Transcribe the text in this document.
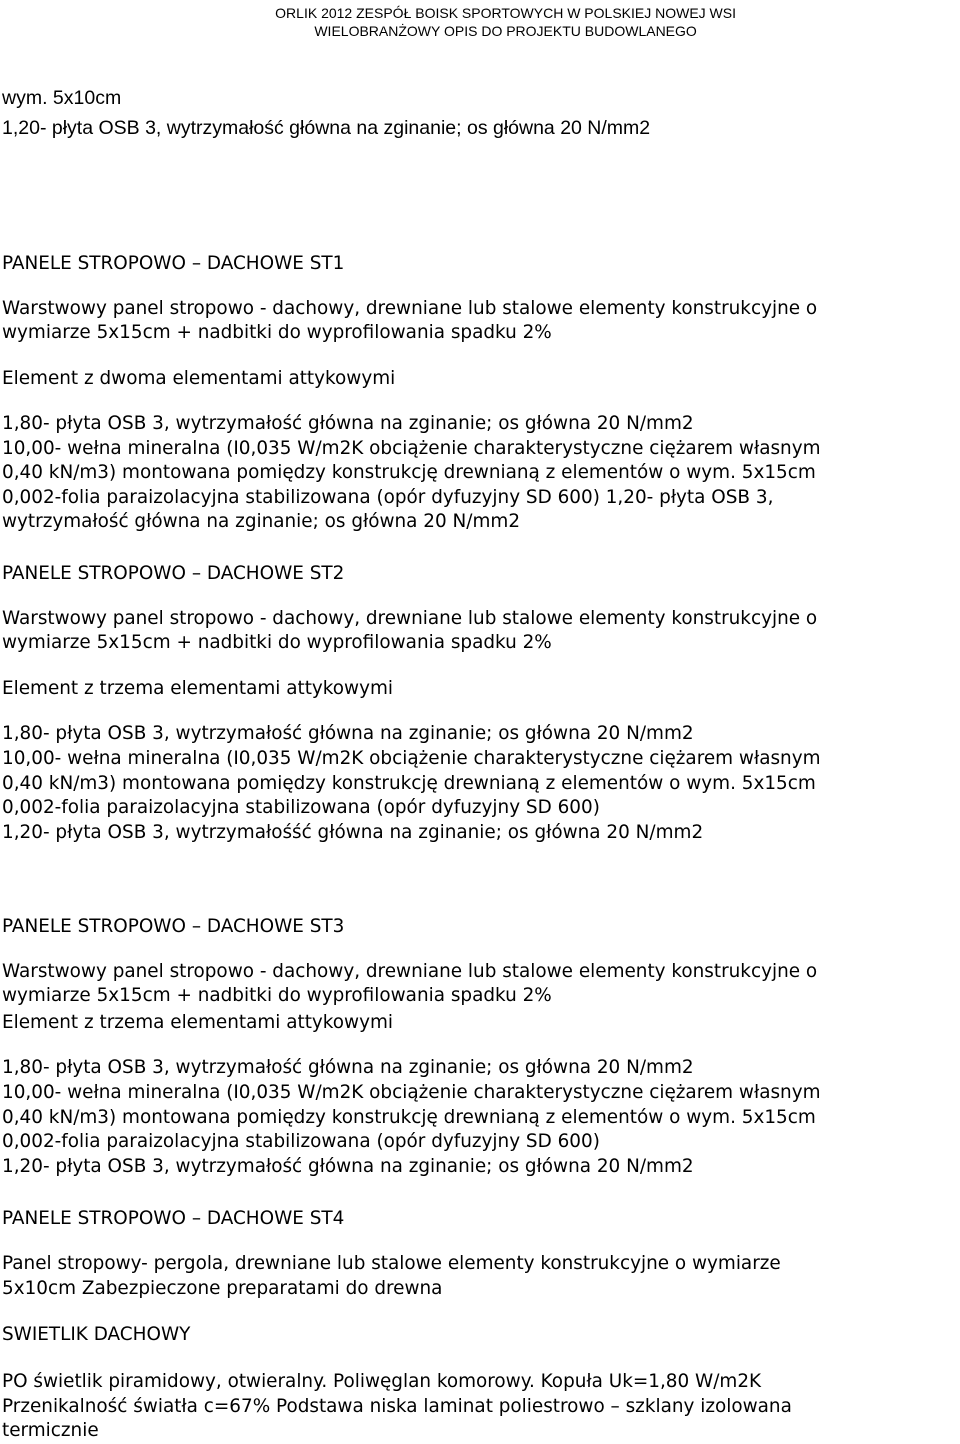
ORLIK 2012 ZESPÓŁ BOISK SPORTOWYCH W POLSKIEJ NOWEJ WSI
WIELOBRANŻOWY OPIS DO PROJEKTU BUDOWLANEGO
wym. 5x10cm
1,20- płyta OSB 3, wytrzymałość główna na zginanie; os główna 20 N/mm2
PANELE STROPOWO – DACHOWE ST1
Warstwowy panel stropowo - dachowy, drewniane lub stalowe elementy konstrukcyjne o
wymiarze 5x15cm + nadbitki do wyprofilowania spadku 2%
Element z dwoma elementami attykowymi
1,80- płyta OSB 3, wytrzymałość główna na zginanie; os główna 20 N/mm2
10,00- wełna mineralna (I0,035 W/m2K obciążenie charakterystyczne ciężarem własnym
0,40 kN/m3) montowana pomiędzy konstrukcję drewnianą z elementów o wym. 5x15cm
0,002-folia paraizolacyjna stabilizowana (opór dyfuzyjny SD 600) 1,20- płyta OSB 3,
wytrzymałość główna na zginanie; os główna 20 N/mm2
PANELE STROPOWO – DACHOWE ST2
Warstwowy panel stropowo - dachowy, drewniane lub stalowe elementy konstrukcyjne o
wymiarze 5x15cm + nadbitki do wyprofilowania spadku 2%
Element z trzema elementami attykowymi
1,80- płyta OSB 3, wytrzymałość główna na zginanie; os główna 20 N/mm2
10,00- wełna mineralna (I0,035 W/m2K obciążenie charakterystyczne ciężarem własnym
0,40 kN/m3) montowana pomiędzy konstrukcję drewnianą z elementów o wym. 5x15cm
0,002-folia paraizolacyjna stabilizowana (opór dyfuzyjny SD 600)
1,20- płyta OSB 3, wytrzymałośść główna na zginanie; os główna 20 N/mm2
PANELE STROPOWO – DACHOWE ST3
Warstwowy panel stropowo - dachowy, drewniane lub stalowe elementy konstrukcyjne o
wymiarze 5x15cm + nadbitki do wyprofilowania spadku 2%
Element z trzema elementami attykowymi
1,80- płyta OSB 3, wytrzymałość główna na zginanie; os główna 20 N/mm2
10,00- wełna mineralna (I0,035 W/m2K obciążenie charakterystyczne ciężarem własnym
0,40 kN/m3) montowana pomiędzy konstrukcję drewnianą z elementów o wym. 5x15cm
0,002-folia paraizolacyjna stabilizowana (opór dyfuzyjny SD 600)
1,20- płyta OSB 3, wytrzymałość główna na zginanie; os główna 20 N/mm2
PANELE STROPOWO – DACHOWE ST4
Panel stropowy- pergola, drewniane lub stalowe elementy konstrukcyjne o wymiarze
5x10cm Zabezpieczone preparatami do drewna
SWIETLIK DACHOWY
PO świetlik piramidowy, otwieralny. Poliwęglan komorowy. Kopuła Uk=1,80 W/m2K
Przenikalność światła c=67% Podstawa niska laminat poliestrowo – szklany izolowana
termicznie
